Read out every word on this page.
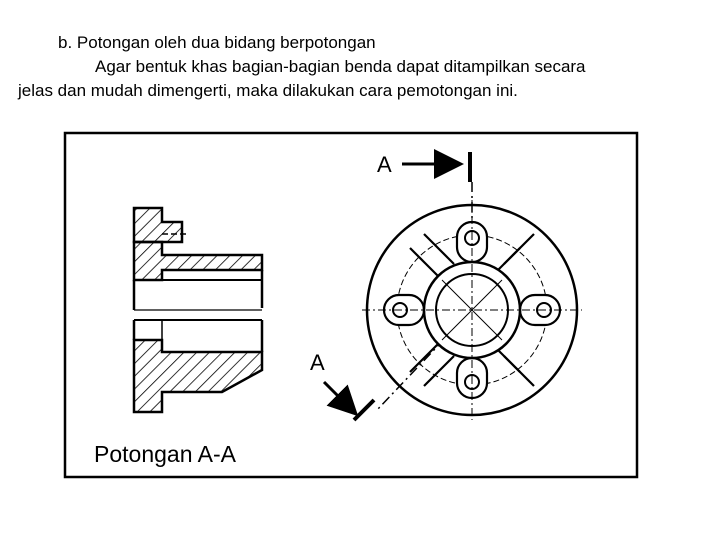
b. Potongan oleh dua bidang berpotongan
Agar bentuk khas bagian-bagian benda dapat ditampilkan secara
jelas dan mudah dimengerti, maka dilakukan cara pemotongan ini.
A
A
Potongan A-A
